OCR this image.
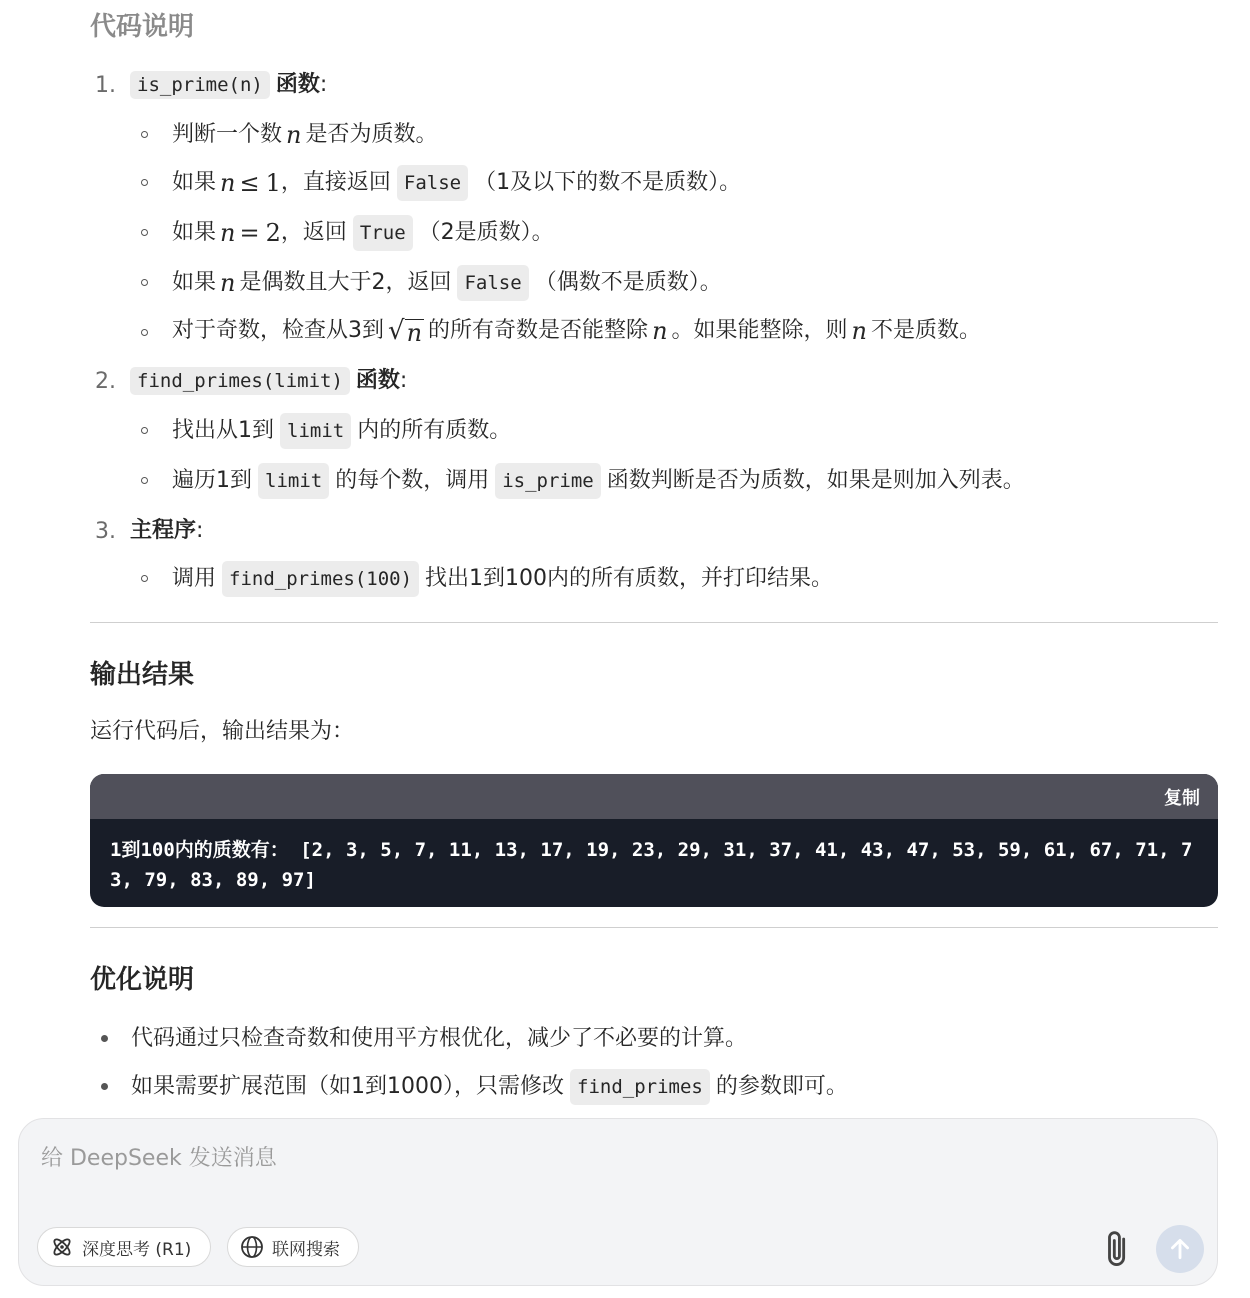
代码说明
1.	is_prime(n) 函数 :
判断一个数 n 是否为质数。
如果 n ≤ 1 ，直接返回 False （1及以下的数不是质数）。
如果 n = 2 ，返回 True （2是质数）。
如果 n 是偶数且大于2，返回 False （偶数不是质数）。
对于奇数，检查从3到 √ n 的所有奇数是否能整除 n 。如果能整除，则 n 不是质数。
2.	find_primes(limit) 函数 :
找出从1到 limit 内的所有质数。
遍历1到 limit 的每个数，调用 is_prime 函数判断是否为质数，如果是则加入列表。
3. 主程序 :
调用 find_primes(100) 找出1到100内的所有质数，并打印结果。
输出结果
运行代码后，输出结果为：
复制
1到100内的质数有： [2, 3, 5, 7, 11, 13, 17, 19, 23, 29, 31, 37, 41, 43, 47, 53, 59, 61, 67, 71, 73, 79, 83, 89, 97]
优化说明
代码通过只检查奇数和使用平方根优化，减少了不必要的计算。
如果需要扩展范围（如1到1000），只需修改 find_primes 的参数即可。
给 DeepSeek 发送消息
深度思考 (R1)	联网搜索
